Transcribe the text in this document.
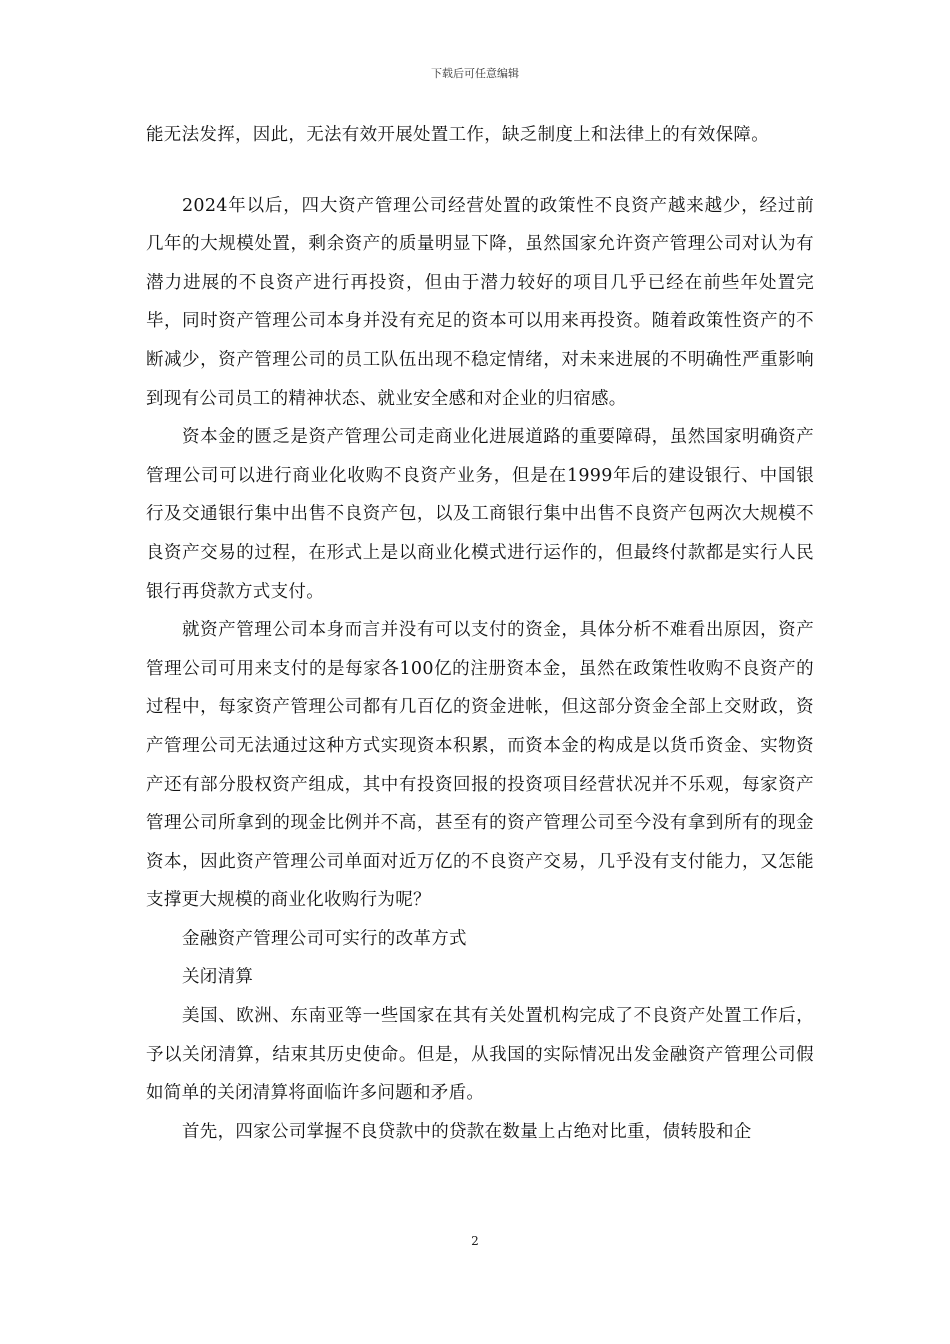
下载后可任意编辑

能无法发挥，因此，无法有效开展处置工作，缺乏制度上和法律上的有效保障。

2024年以后，四大资产管理公司经营处置的政策性不良资产越来越少，经过前几年的大规模处置，剩余资产的质量明显下降，虽然国家允许资产管理公司对认为有潜力进展的不良资产进行再投资，但由于潜力较好的项目几乎已经在前些年处置完毕，同时资产管理公司本身并没有充足的资本可以用来再投资。随着政策性资产的不断减少，资产管理公司的员工队伍出现不稳定情绪，对未来进展的不明确性严重影响到现有公司员工的精神状态、就业安全感和对企业的归宿感。

资本金的匮乏是资产管理公司走商业化进展道路的重要障碍，虽然国家明确资产管理公司可以进行商业化收购不良资产业务，但是在1999年后的建设银行、中国银行及交通银行集中出售不良资产包，以及工商银行集中出售不良资产包两次大规模不良资产交易的过程，在形式上是以商业化模式进行运作的，但最终付款都是实行人民银行再贷款方式支付。

就资产管理公司本身而言并没有可以支付的资金，具体分析不难看出原因，资产管理公司可用来支付的是每家各100亿的注册资本金，虽然在政策性收购不良资产的过程中，每家资产管理公司都有几百亿的资金进帐，但这部分资金全部上交财政，资产管理公司无法通过这种方式实现资本积累，而资本金的构成是以货币资金、实物资产还有部分股权资产组成，其中有投资回报的投资项目经营状况并不乐观，每家资产管理公司所拿到的现金比例并不高，甚至有的资产管理公司至今没有拿到所有的现金资本，因此资产管理公司单面对近万亿的不良资产交易，几乎没有支付能力，又怎能支撑更大规模的商业化收购行为呢？

金融资产管理公司可实行的改革方式

关闭清算

美国、欧洲、东南亚等一些国家在其有关处置机构完成了不良资产处置工作后，予以关闭清算，结束其历史使命。但是，从我国的实际情况出发金融资产管理公司假如简单的关闭清算将面临许多问题和矛盾。

首先，四家公司掌握不良贷款中的贷款在数量上占绝对比重，债转股和企

2
